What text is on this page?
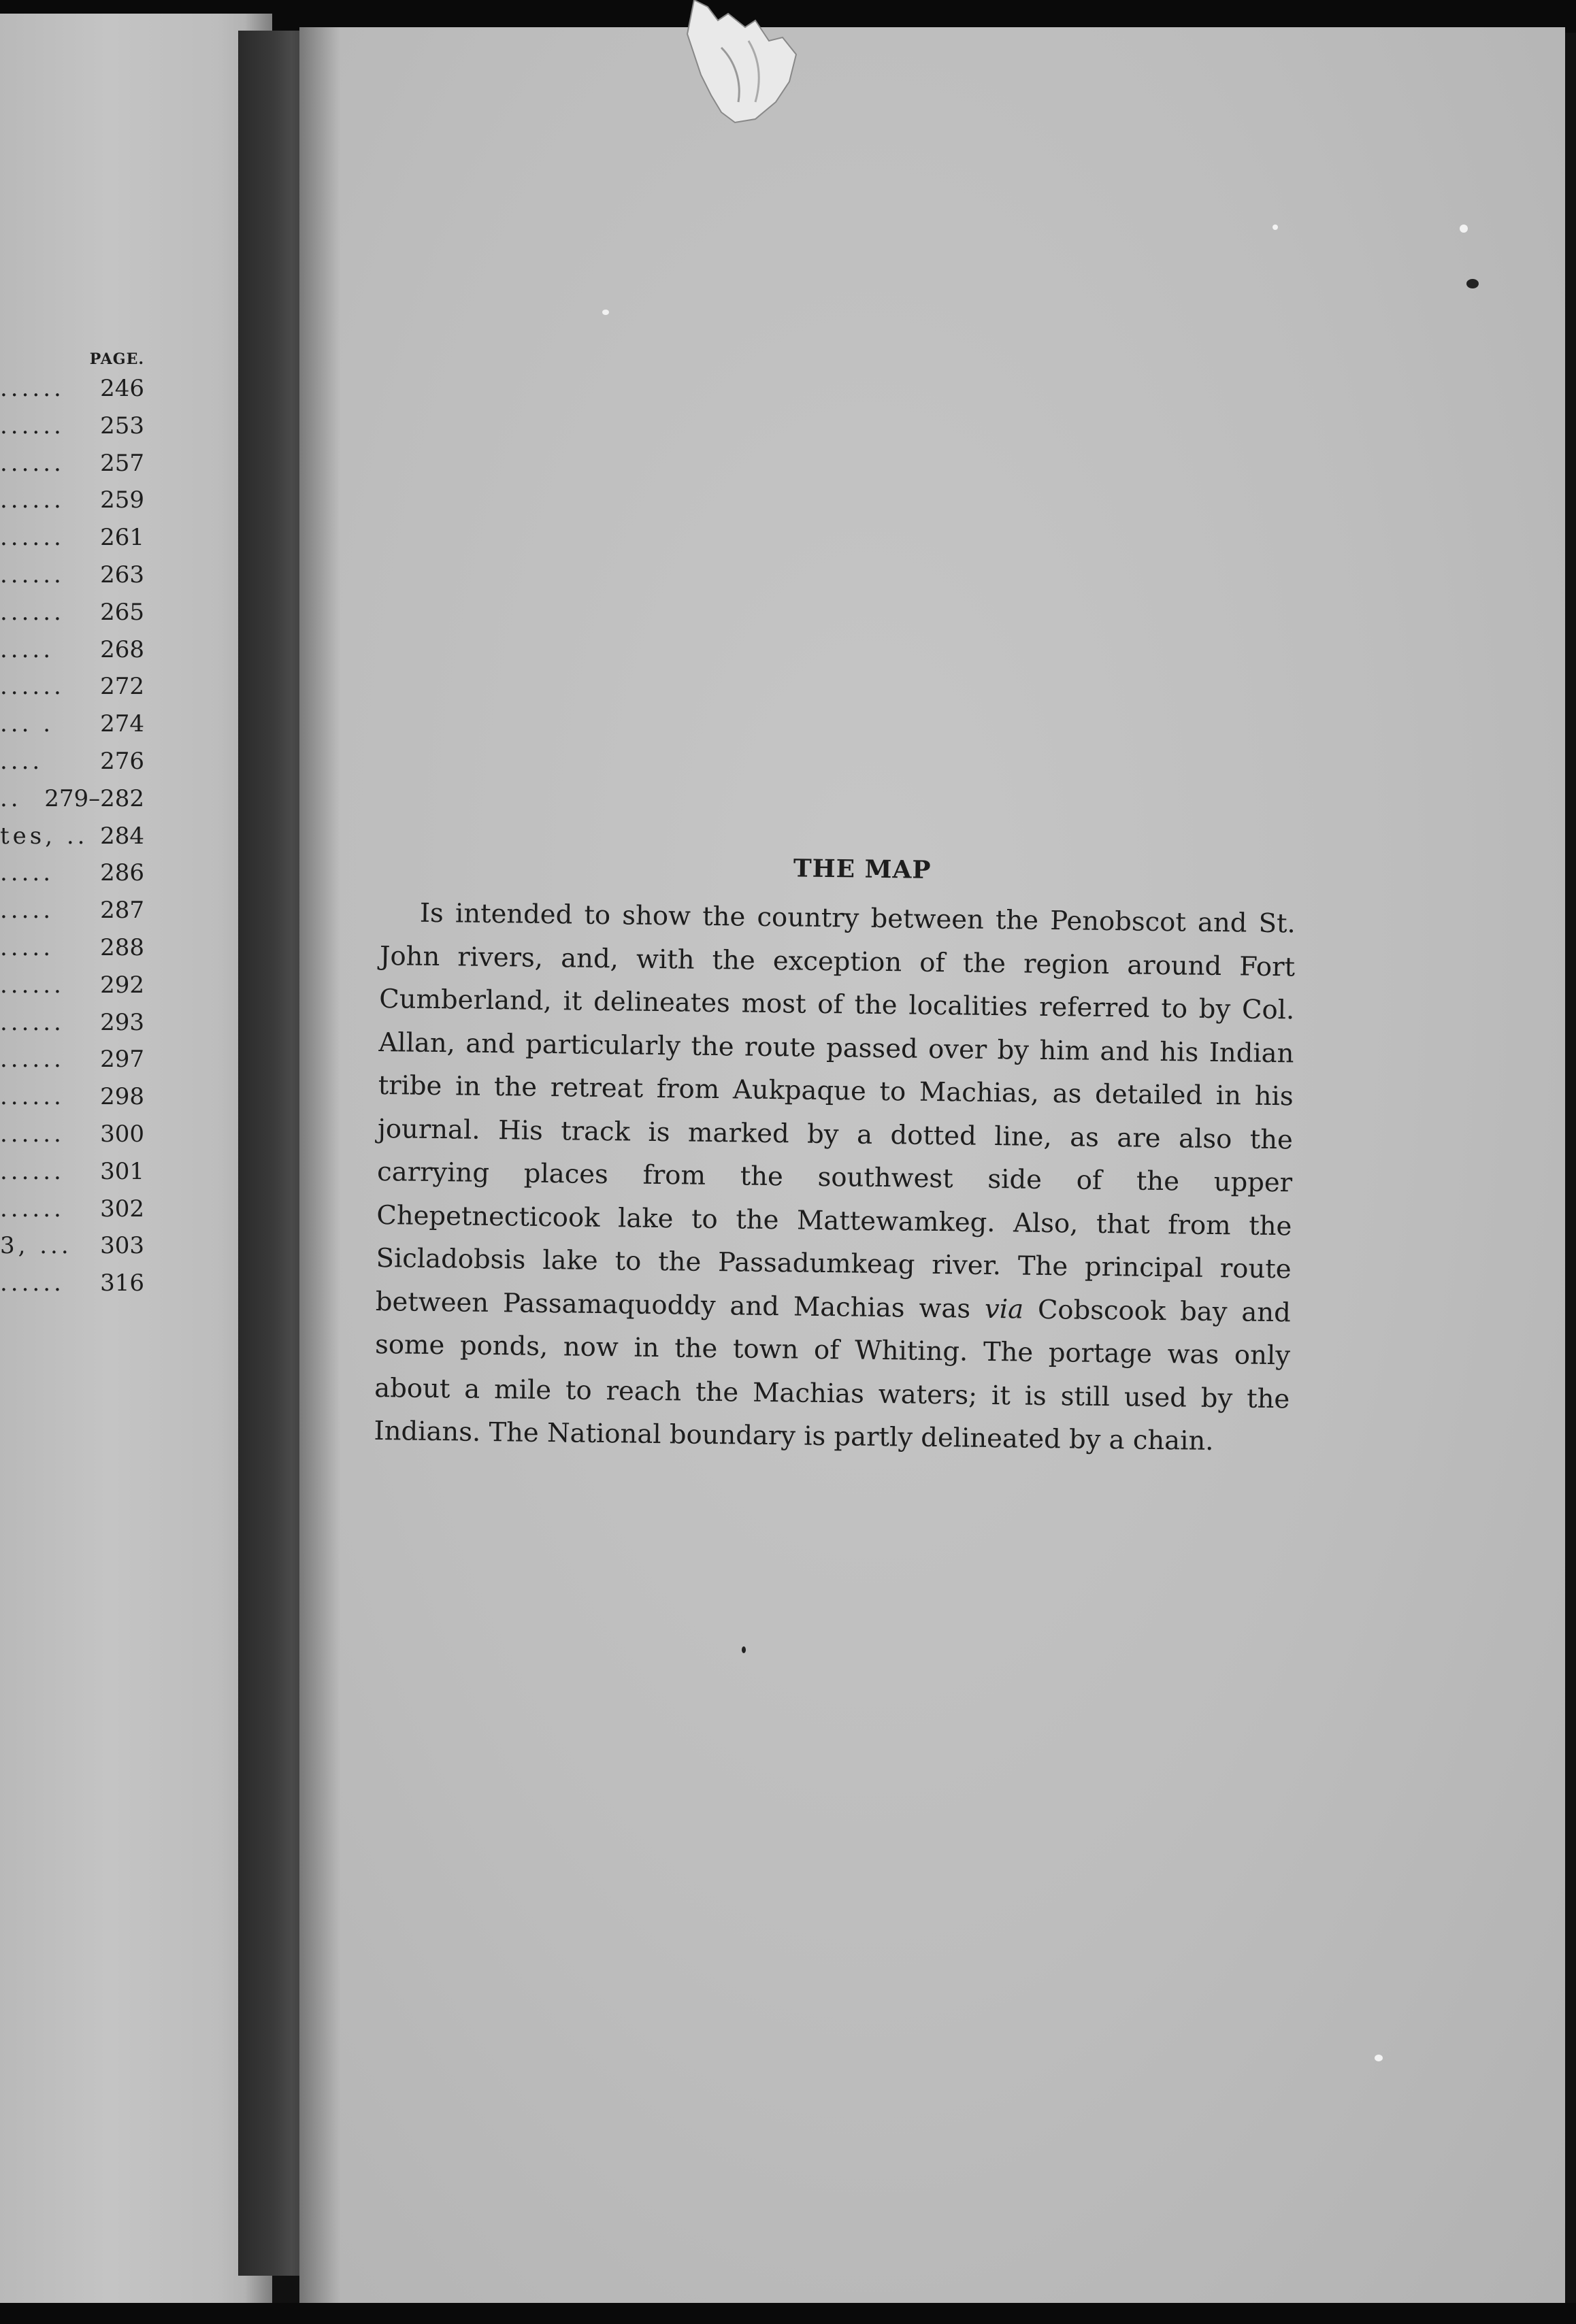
PAGE.
...... 246
...... 253
...... 257
...... 259
...... 261
...... 263
...... 265
..... 268
...... 272
... . 274
.... 276
.. 279–282
tes, .. 284
..... 286
..... 287
..... 288
...... 292
...... 293
...... 297
...... 298
...... 300
...... 301
...... 302
3, ... 303
...... 316
THE MAP

Is intended to show the country between the Penobscot and St. John rivers, and, with the exception of the region around Fort Cumberland, it delineates most of the localities referred to by Col. Allan, and particularly the route passed over by him and his Indian tribe in the retreat from Aukpaque to Machias, as detailed in his journal. His track is marked by a dotted line, as are also the carrying places from the southwest side of the upper Chepetnecticook lake to the Mattewamkeg. Also, that from the Sicladobsis lake to the Passadumkeag river. The principal route between Passamaquoddy and Machias was via Cobscook bay and some ponds, now in the town of Whiting. The portage was only about a mile to reach the Machias waters; it is still used by the Indians. The National boundary is partly delineated by a chain.
